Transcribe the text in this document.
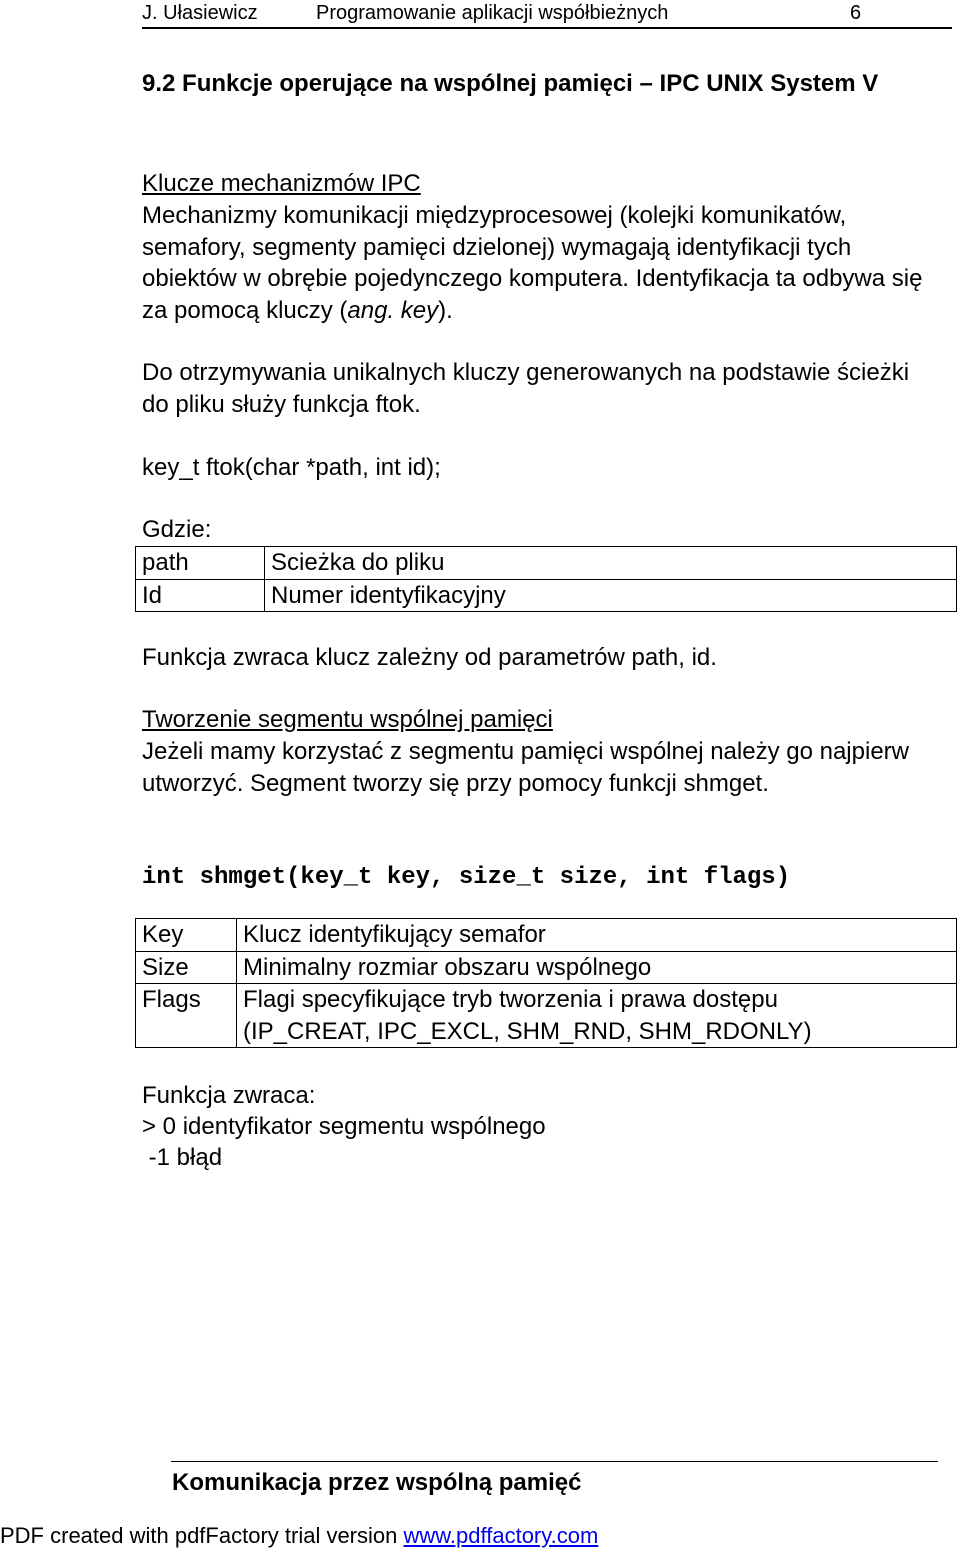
J. Ułasiewicz	Programowanie aplikacji współbieżnych	6
9.2 Funkcje operujące na wspólnej pamięci – IPC UNIX System V
Klucze mechanizmów IPC
Mechanizmy komunikacji międzyprocesowej (kolejki komunikatów, semafory, segmenty pamięci dzielonej) wymagają identyfikacji tych obiektów w obrębie pojedynczego komputera. Identyfikacja ta odbywa się za pomocą kluczy (ang. key).
Do otrzymywania unikalnych kluczy generowanych na podstawie ścieżki do pliku służy funkcja ftok.
key_t ftok(char *path, int id);
Gdzie:
path	Scieżka do pliku
Id	Numer identyfikacyjny
Funkcja zwraca klucz zależny od parametrów path, id.
Tworzenie segmentu wspólnej pamięci
Jeżeli mamy korzystać z segmentu pamięci wspólnej należy go najpierw utworzyć. Segment tworzy się przy pomocy funkcji shmget.
int shmget(key_t key, size_t size, int flags)
Key	Klucz identyfikujący semafor
Size	Minimalny rozmiar obszaru wspólnego
Flags	Flagi specyfikujące tryb tworzenia i prawa dostępu
(IP_CREAT, IPC_EXCL, SHM_RND, SHM_RDONLY)
Funkcja zwraca:
> 0 identyfikator segmentu wspólnego
-1 błąd
Komunikacja przez wspólną pamięć
PDF created with pdfFactory trial version www.pdffactory.com
